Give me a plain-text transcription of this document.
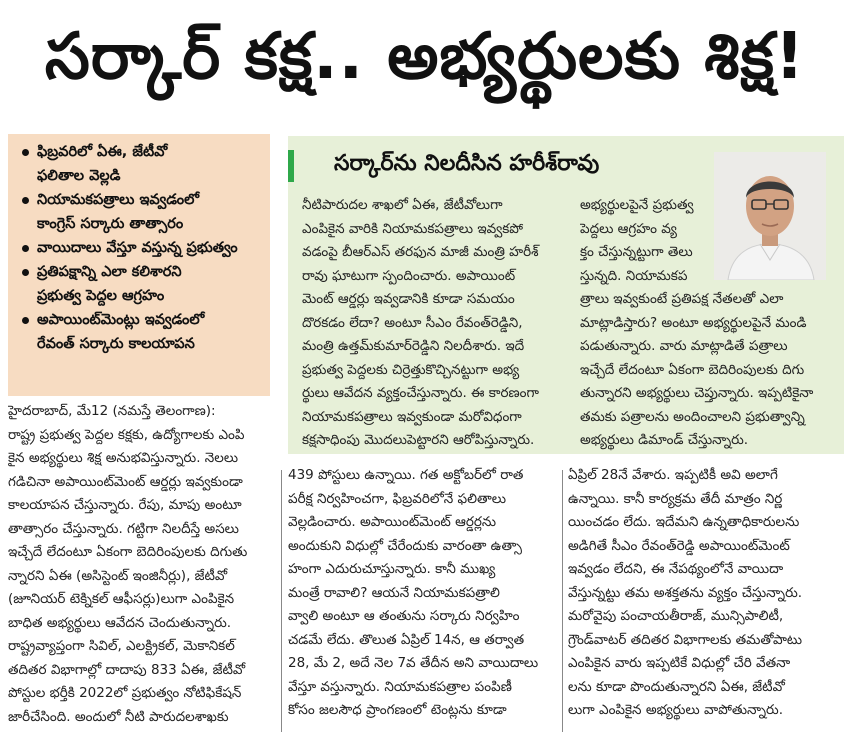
సర్కార్ కక్ష.. అభ్యర్థులకు శిక్ష!
ఫిబ్రవరిలో ఏఈ, జేటీవో
ఫలితాల వెల్లడి
నియామకపత్రాలు ఇవ్వడంలో
కాంగ్రెస్ సర్కారు తాత్సారం
వాయిదాలు వేస్తూ వస్తున్న ప్రభుత్వం
ప్రతిపక్షాన్ని ఎలా కలిశారని
ప్రభుత్వ పెద్దల ఆగ్రహం
అపాయింట్‌మెంట్లు ఇవ్వడంలో
రేవంత్ సర్కారు కాలయాపన
హైదరాబాద్, మే12 (నమస్తే తెలంగాణ):
రాష్ట్ర ప్రభుత్వ పెద్దల కక్షకు, ఉద్యోగాలకు ఎంపి
కైన అభ్యర్థులు శిక్ష అనుభవిస్తున్నారు. నెలలు
గడిచినా అపాయింట్‌మెంట్ ఆర్డర్లు ఇవ్వకుండా
కాలయాపన చేస్తున్నారు. రేపు, మాపు అంటూ
తాత్సారం చేస్తున్నారు. గట్టిగా నిలదీస్తే అసలు
ఇచ్చేదే లేదంటూ ఏకంగా బెదిరింపులకు దిగుతు
న్నారని ఏఈ (అసిస్టెంట్ ఇంజినీర్లు), జేటీవో
(జూనియర్ టెక్నికల్ ఆఫీసర్లు)లుగా ఎంపికైన
బాధిత అభ్యర్థులు ఆవేదన చెందుతున్నారు.
రాష్ట్రవ్యాప్తంగా సివిల్, ఎలక్ట్రికల్, మెకానికల్
తదితర విభాగాల్లో దాదాపు 833 ఏఈ, జేటీవో
పోస్టుల భర్తీకి 2022లో ప్రభుత్వం నోటిఫికేషన్
జారీచేసింది. అందులో నీటి పారుదలశాఖకు
సర్కార్‌ను నిలదీసిన హరీశ్‌రావు
నీటిపారుదల శాఖలో ఏఈ, జేటీవోలుగా
ఎంపికైన వారికి నియామకపత్రాలు ఇవ్వకపో
వడంపై బీఆర్‌ఎస్ తరఫున మాజీ మంత్రి హరీశ్
రావు ఘాటుగా స్పందించారు. అపాయింట్
మెంట్ ఆర్డర్లు ఇవ్వడానికి కూడా సమయం
దొరకడం లేదా? అంటూ సీఎం రేవంత్‌రెడ్డిని,
మంత్రి ఉత్తమ్‌కుమార్‌రెడ్డిని నిలదీశారు. ఇదే
ప్రభుత్వ పెద్దలకు చిర్రెత్తుకొచ్చినట్టుగా అభ్య
ర్థులు ఆవేదన వ్యక్తంచేస్తున్నారు. ఈ కారణంగా
నియామకపత్రాలు ఇవ్వకుండా మరోవిధంగా
కక్షసాధింపు మొదలుపెట్టారని ఆరోపిస్తున్నారు.
అభ్యర్థులపైనే ప్రభుత్వ
పెద్దలు ఆగ్రహం వ్య
క్తం చేస్తున్నట్టుగా తెలు
స్తున్నది. నియామకప
త్రాలు ఇవ్వకుంటే ప్రతిపక్ష నేతలతో ఎలా
మాట్లాడిస్తారు? అంటూ అభ్యర్థులపైనే మండి
పడుతున్నారు. వారు మాట్లాడితే పత్రాలు
ఇచ్చేదే లేదంటూ ఏకంగా బెదిరింపులకు దిగు
తున్నారని అభ్యర్థులు చెప్తున్నారు. ఇప్పటికైనా
తమకు పత్రాలను అందించాలని ప్రభుత్వాన్ని
అభ్యర్థులు డిమాండ్ చేస్తున్నారు.
439 పోస్టులు ఉన్నాయి. గత అక్టోబర్‌లో రాత
పరీక్ష నిర్వహించగా, ఫిబ్రవరిలోనే ఫలితాలు
వెల్లడించారు. అపాయింట్‌మెంట్ ఆర్డర్లను
అందుకుని విధుల్లో చేరేందుకు వారంతా ఉత్సా
హంగా ఎదురుచూస్తున్నారు. కానీ ముఖ్య
మంత్రే రావాలి? ఆయనే నియామకపత్రాలి
వ్వాలి అంటూ ఆ తంతును సర్కారు నిర్వహిం
చడమే లేదు. తొలుత ఏప్రిల్ 14న, ఆ తర్వాత
28, మే 2, అదే నెల 7వ తేదీన అని వాయిదాలు
వేస్తూ వస్తున్నారు. నియామకపత్రాల పంపిణీ
కోసం జలసౌధ ప్రాంగణంలో టెంట్లను కూడా
ఏప్రిల్ 28నే వేశారు. ఇప్పటికీ అవి అలాగే
ఉన్నాయి. కానీ కార్యక్రమ తేదీ మాత్రం నిర్ణ
యించడం లేదు. ఇదేమని ఉన్నతాధికారులను
అడిగితే సీఎం రేవంత్‌రెడ్డి అపాయింట్‌మెంట్
ఇవ్వడం లేదని, ఈ నేపథ్యంలోనే వాయిదా
వేస్తున్నట్టు తమ అశక్తతను వ్యక్తం చేస్తున్నారు.
మరోవైపు పంచాయతీరాజ్, మున్సిపాలిటీ,
గ్రౌండ్‌వాటర్ తదితర విభాగాలకు తమతోపాటు
ఎంపికైన వారు ఇప్పటికే విధుల్లో చేరి వేతనా
లను కూడా పొందుతున్నారని ఏఈ, జేటీవో
లుగా ఎంపికైన అభ్యర్థులు వాపోతున్నారు.
